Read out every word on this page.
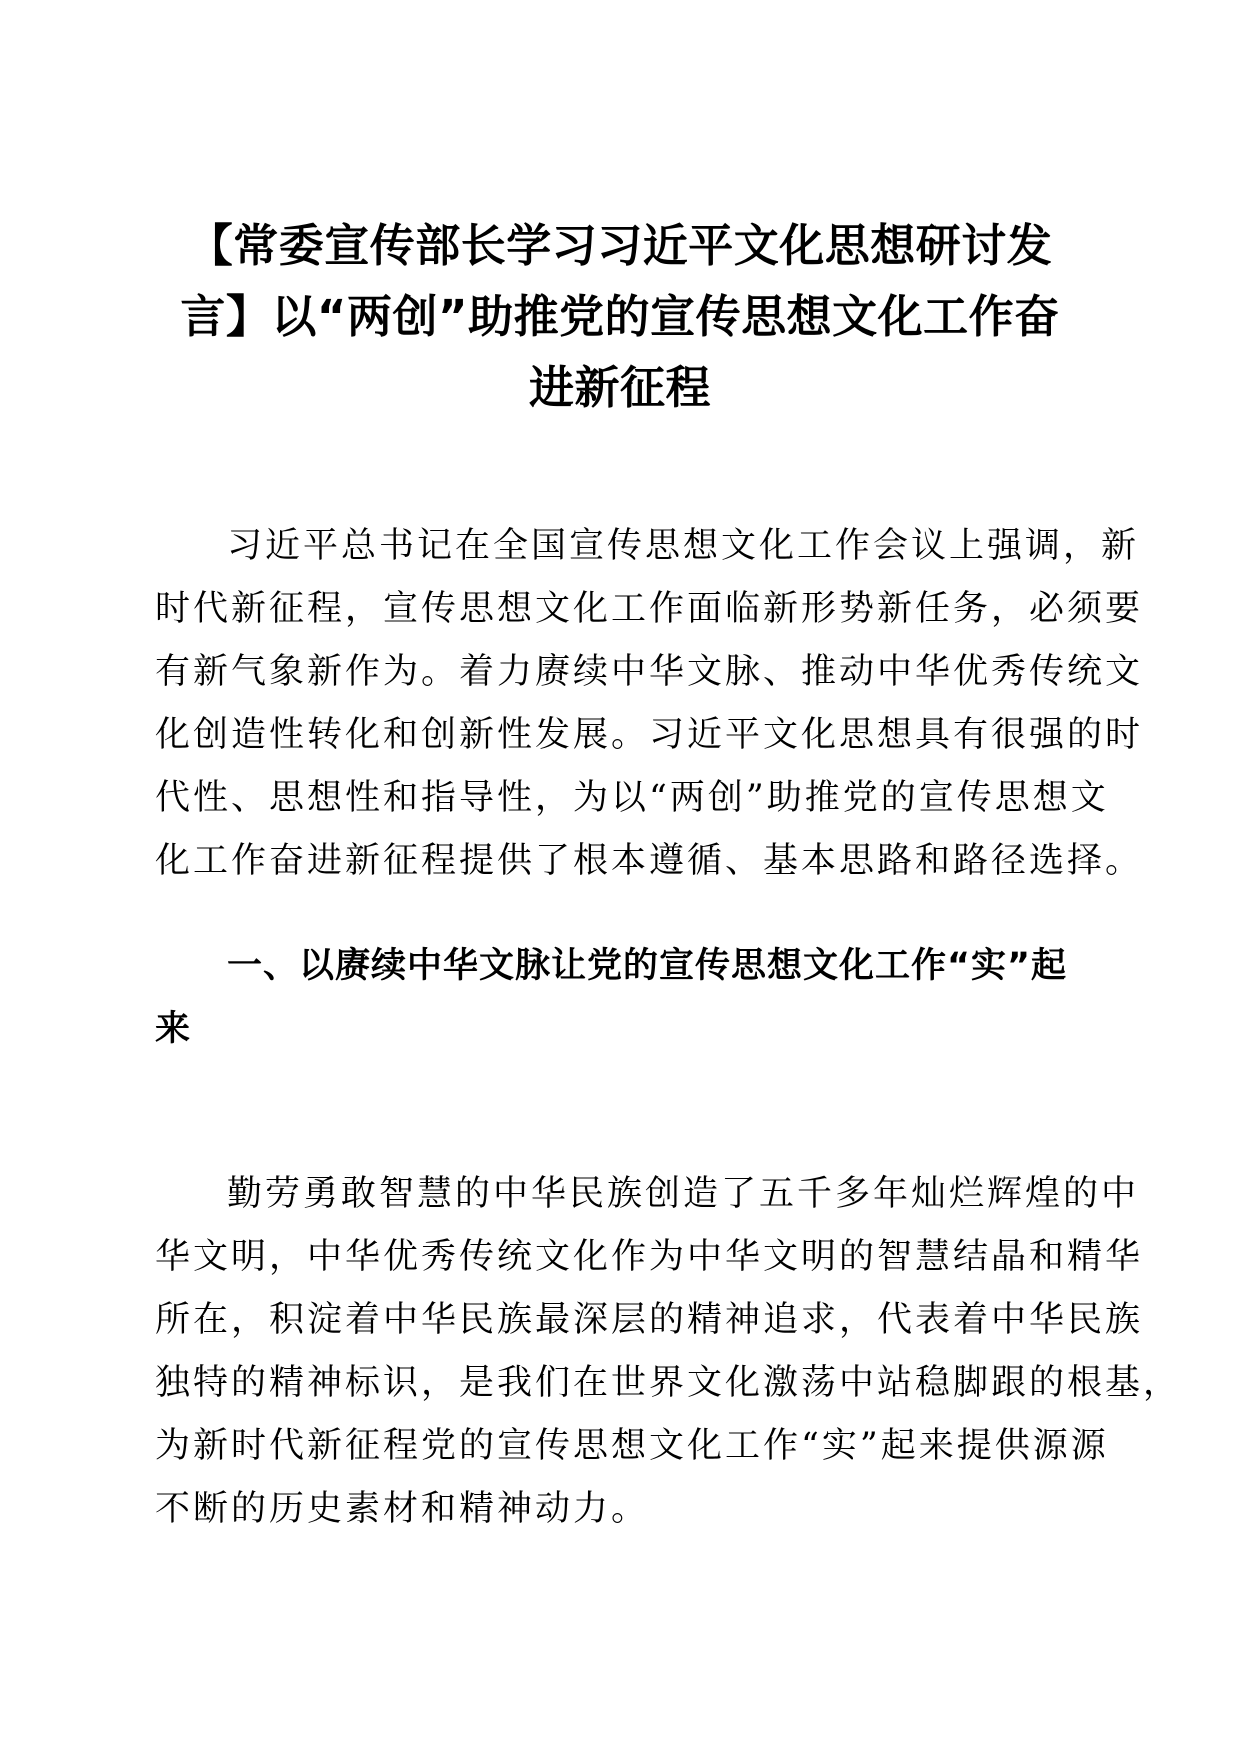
【常委宣传部长学习习近平文化思想研讨发
言】以“两创”助推党的宣传思想文化工作奋
进新征程

习近平总书记在全国宣传思想文化工作会议上强调，新
时代新征程，宣传思想文化工作面临新形势新任务，必须要
有新气象新作为。着力赓续中华文脉、推动中华优秀传统文
化创造性转化和创新性发展。习近平文化思想具有很强的时
代性、思想性和指导性，为以“两创”助推党的宣传思想文
化工作奋进新征程提供了根本遵循、基本思路和路径选择。

一、以赓续中华文脉让党的宣传思想文化工作“实”起
来

勤劳勇敢智慧的中华民族创造了五千多年灿烂辉煌的中
华文明，中华优秀传统文化作为中华文明的智慧结晶和精华
所在，积淀着中华民族最深层的精神追求，代表着中华民族
独特的精神标识，是我们在世界文化激荡中站稳脚跟的根基，
为新时代新征程党的宣传思想文化工作“实”起来提供源源
不断的历史素材和精神动力。
